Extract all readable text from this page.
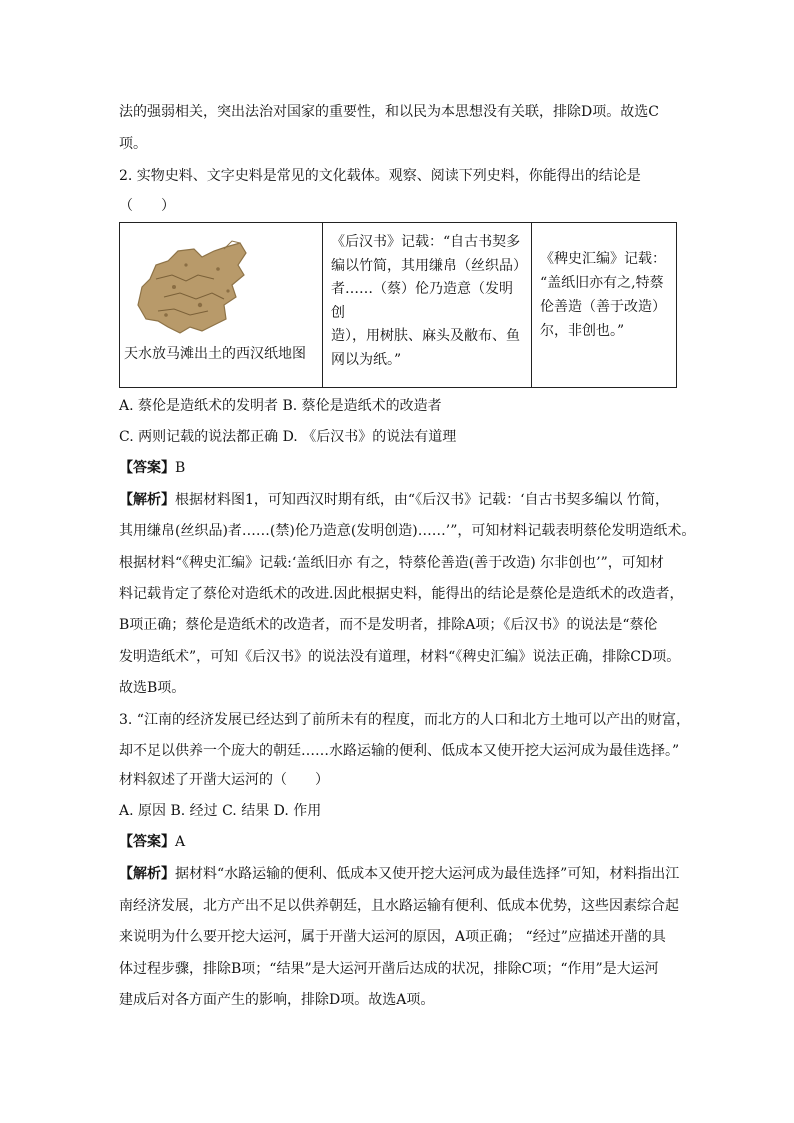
法的强弱相关，突出法治对国家的重要性，和以民为本思想没有关联，排除D项。故选C
项。
2. 实物史料、文字史料是常见的文化载体。观察、阅读下列史料，你能得出的结论是
（　　）
天水放马滩出土的西汉纸地图

《后汉书》记载：“自古书契多
编以竹简，其用缣帛（丝织品）
者……（蔡）伦乃造意（发明创
造），用树肤、麻头及敝布、鱼
网以为纸。”

《稗史汇编》记载：
“盖纸旧亦有之,特蔡
伦善造（善于改造）
尔，非创也。”
A. 蔡伦是造纸术的发明者 B. 蔡伦是造纸术的改造者
C. 两则记载的说法都正确 D. 《后汉书》的说法有道理
【答案】B
【解析】根据材料图1，可知西汉时期有纸，由“《后汉书》记载：‘自古书契多编以 竹简，
其用缣帛(丝织品)者……(禁)伦乃造意(发明创造)……’”，可知材料记载表明蔡伦发明造纸术。
根据材料“《稗史汇编》记载:‘盖纸旧亦 有之，特蔡伦善造(善于改造) 尔非创也’”，可知材
料记载肯定了蔡伦对造纸术的改进.因此根据史料，能得出的结论是蔡伦是造纸术的改造者，
B项正确；蔡伦是造纸术的改造者，而不是发明者，排除A项；《后汉书》的说法是“蔡伦
发明造纸术”，可知《后汉书》的说法没有道理，材料“《稗史汇编》说法正确，排除CD项。
故选B项。
3. “江南的经济发展已经达到了前所未有的程度，而北方的人口和北方土地可以产出的财富，
却不足以供养一个庞大的朝廷……水路运输的便利、低成本又使开挖大运河成为最佳选择。”
材料叙述了开凿大运河的（　　）
A. 原因 B. 经过 C. 结果 D. 作用
【答案】A
【解析】据材料“水路运输的便利、低成本又使开挖大运河成为最佳选择”可知，材料指出江
南经济发展，北方产出不足以供养朝廷，且水路运输有便利、低成本优势，这些因素综合起
来说明为什么要开挖大运河，属于开凿大运河的原因，A项正确； “经过”应描述开凿的具
体过程步骤，排除B项；“结果”是大运河开凿后达成的状况，排除C项；“作用”是大运河
建成后对各方面产生的影响，排除D项。故选A项。
